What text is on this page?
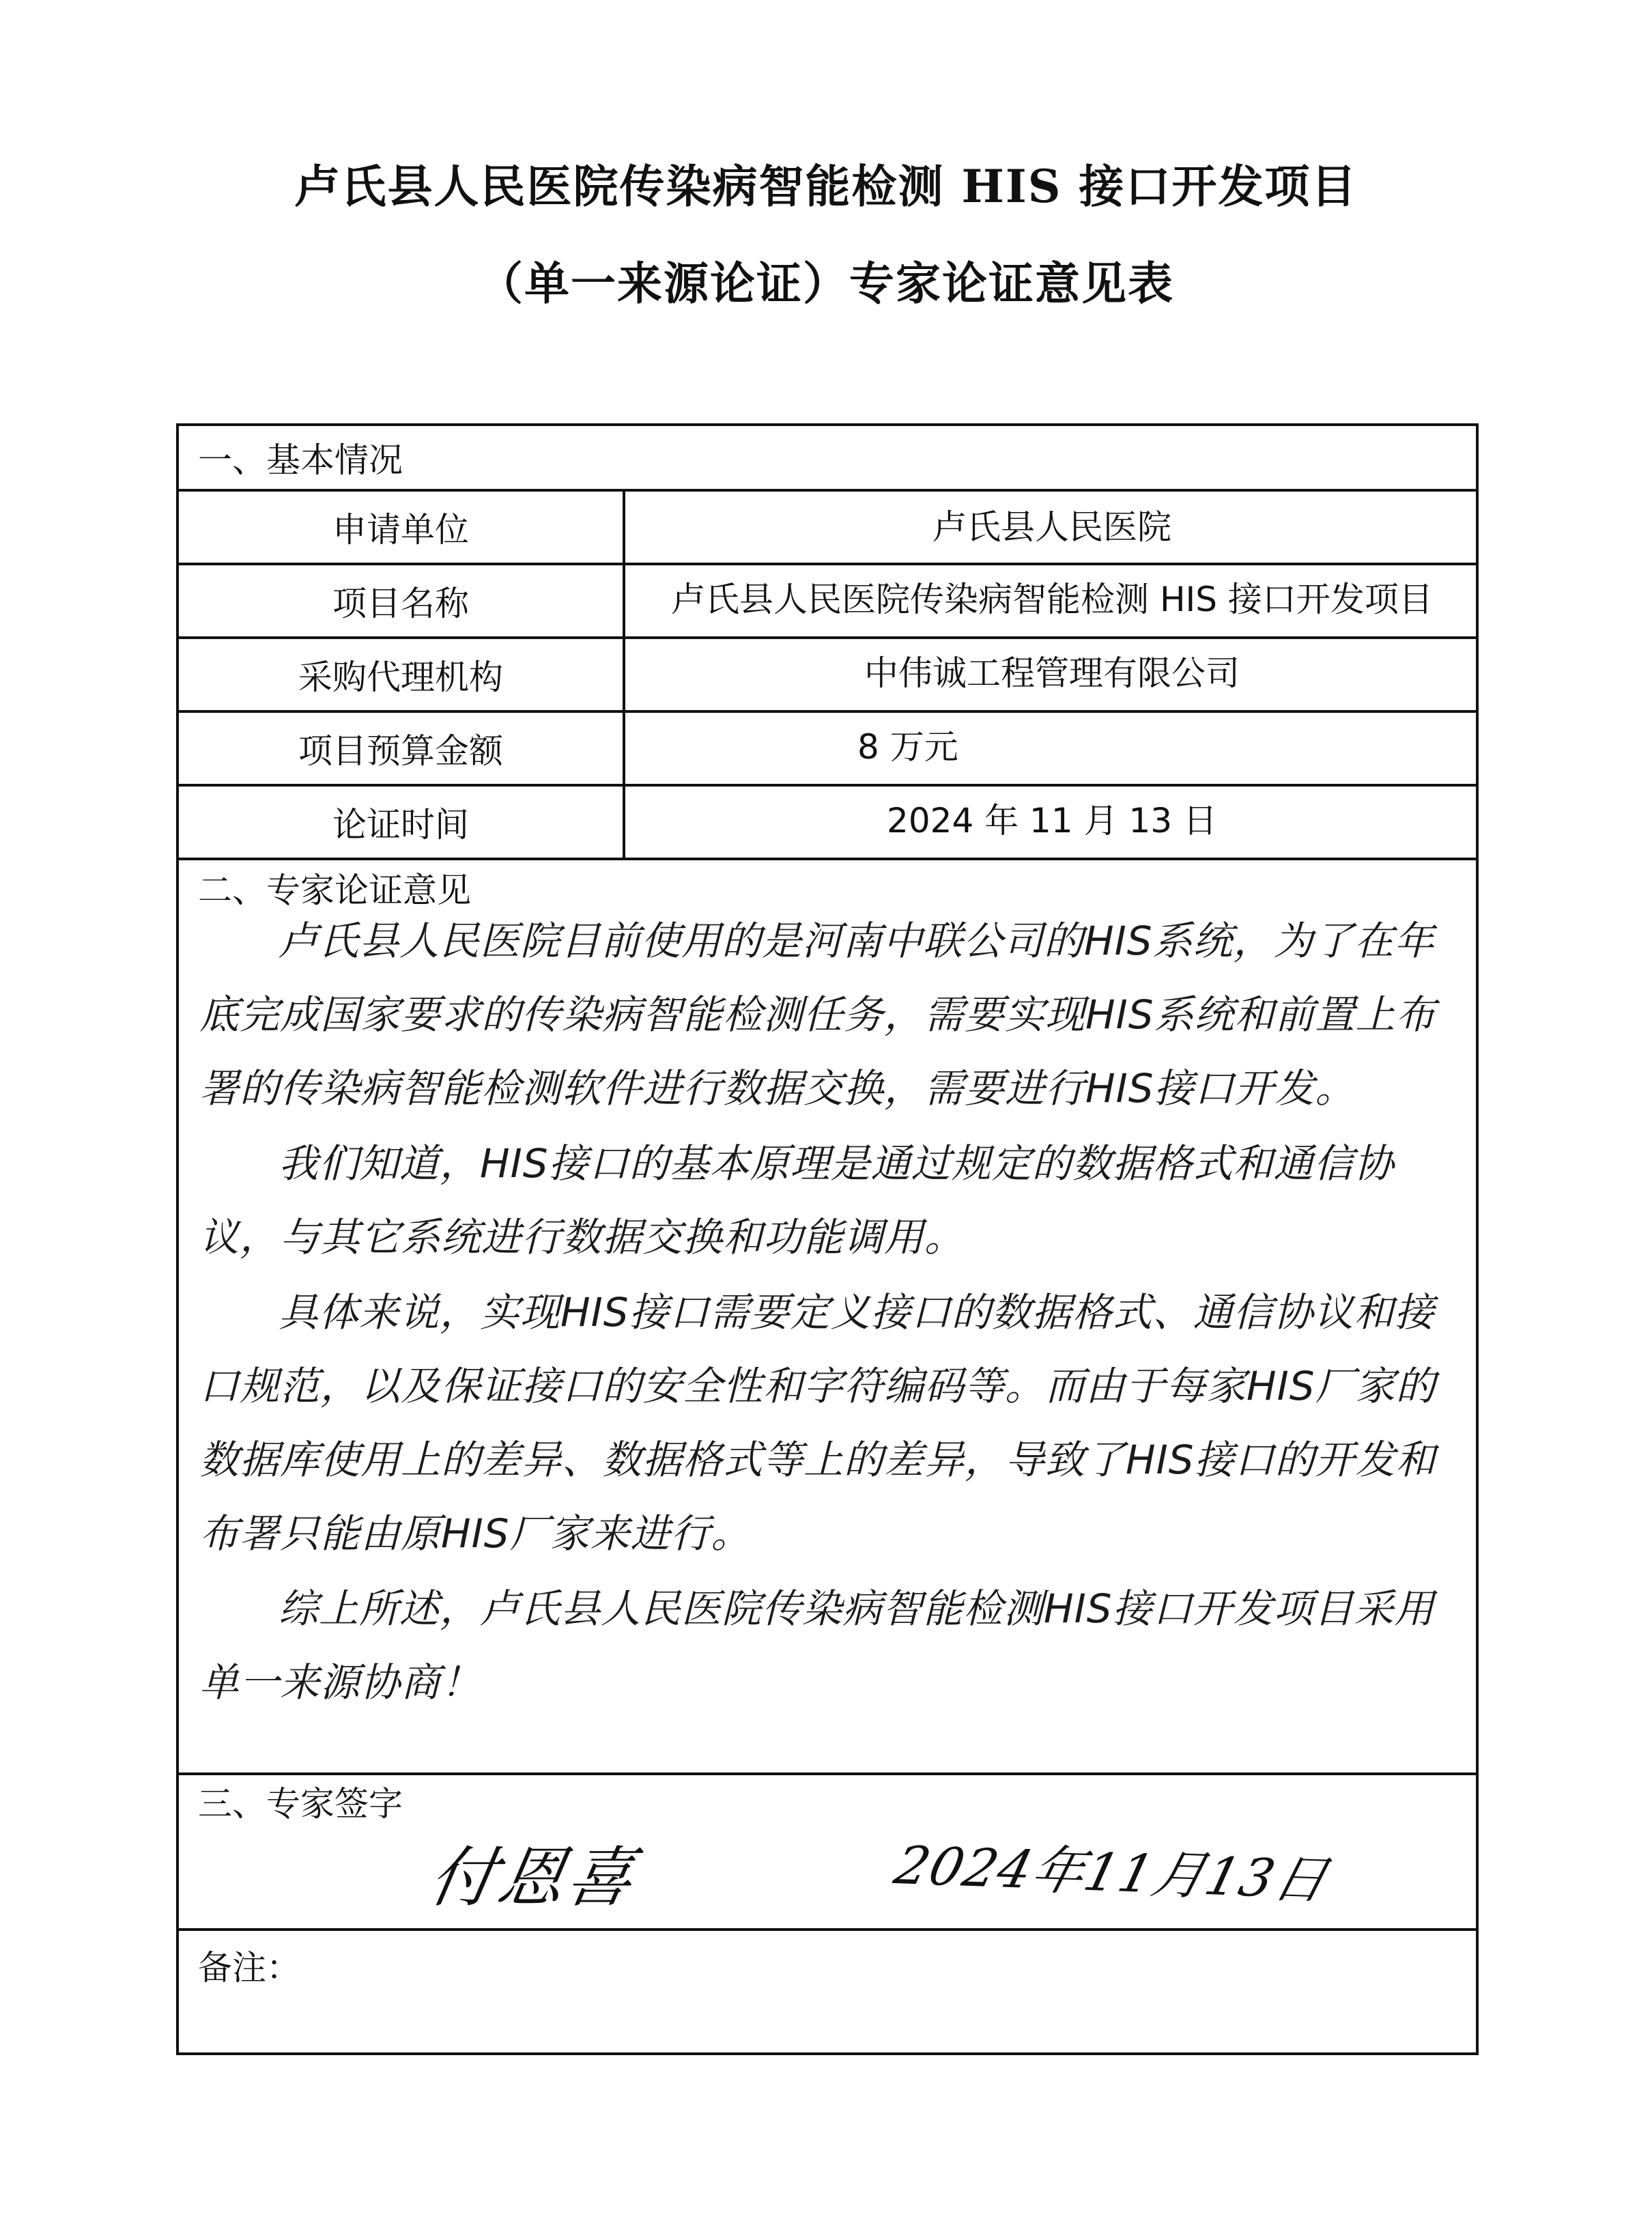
卢氏县人民医院传染病智能检测 HIS 接口开发项目
（单一来源论证）专家论证意见表
一、基本情况
申请单位	卢氏县人民医院
项目名称	卢氏县人民医院传染病智能检测 HIS 接口开发项目
采购代理机构	中伟诚工程管理有限公司
项目预算金额	8 万元
论证时间	2024 年 11 月 13 日
二、专家论证意见

卢氏县人民医院目前使用的是河南中联公司的HIS系统，为了在年底完成国家要求的传染病智能检测任务，需要实现HIS系统和前置上布署的传染病智能检测软件进行数据交换，需要进行HIS接口开发。

我们知道，HIS接口的基本原理是通过规定的数据格式和通信协议，与其它系统进行数据交换和功能调用。

具体来说，实现HIS接口需要定义接口的数据格式、通信协议和接口规范，以及保证接口的安全性和字符编码等。而由于每家HIS厂家的数据库使用上的差异、数据格式等上的差异，导致了HIS接口的开发和布署只能由原HIS厂家来进行。

综上所述，卢氏县人民医院传染病智能检测HIS接口开发项目采用单一来源协商！

三、专家签字
付恩喜	2024年11月13日
备注：
